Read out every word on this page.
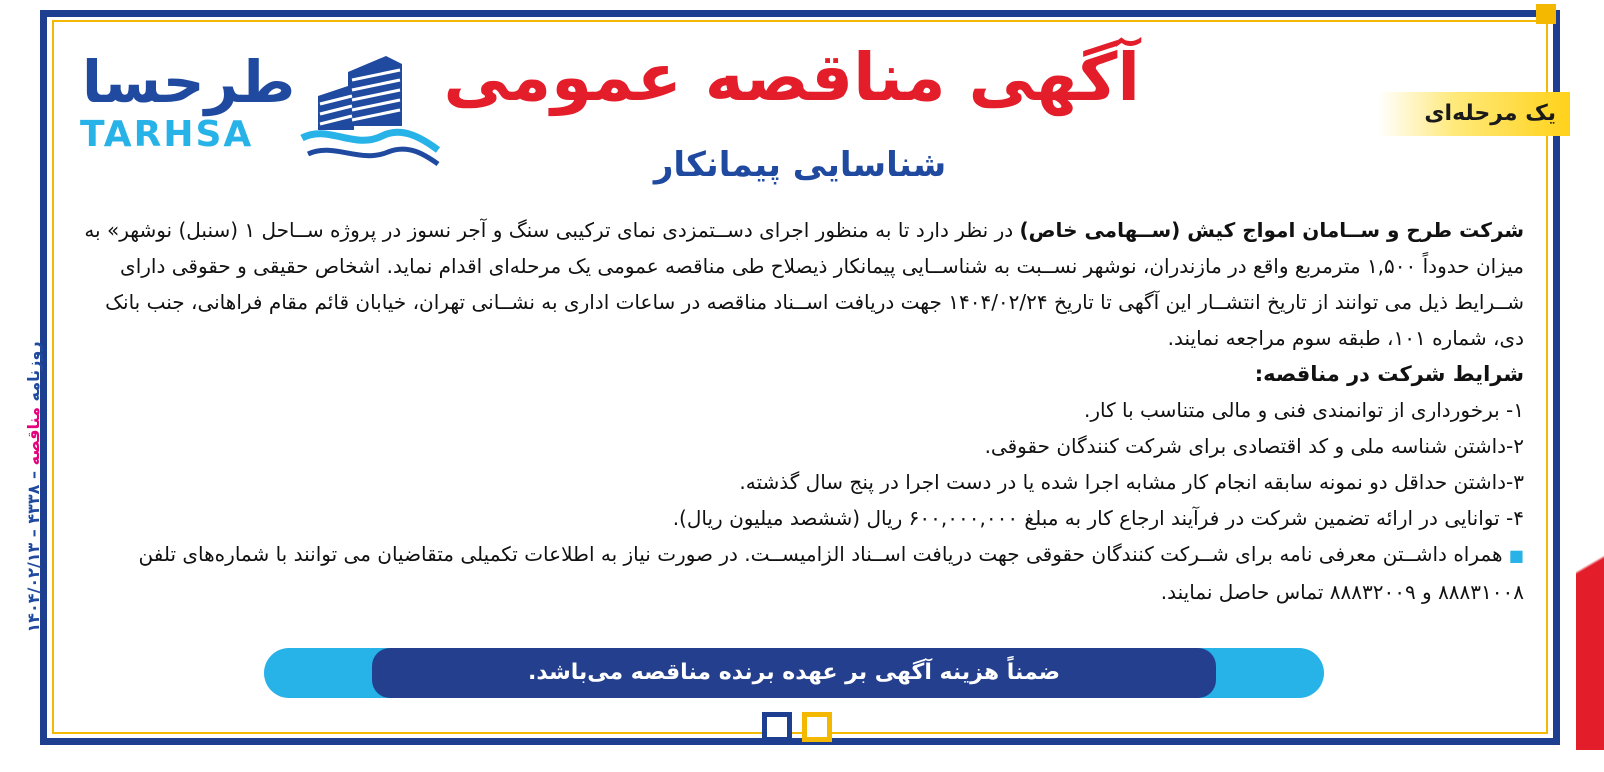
یک مرحله‌ای
طرحسا
TARHSA
آگهی مناقصه عمومی
شناسایی پیمانکار

شرکت طرح و ســامان امواج کیش (ســهامی خاص) در نظر دارد تا به منظور اجرای دســتمزدی نمای ترکیبی سنگ و آجر نسوز در پروژه ســاحل ۱ (سنبل) نوشهر» به میزان حدوداً ۱,۵۰۰ مترمربع واقع در مازندران، نوشهر نســبت به شناســایی پیمانکار ذیصلاح طی مناقصه عمومی یک مرحله‌ای اقدام نماید. اشخاص حقیقی و حقوقی دارای شــرایط ذیل می توانند از تاریخ انتشــار این آگهی تا تاریخ ۱۴۰۴/۰۲/۲۴ جهت دریافت اســناد مناقصه در ساعات اداری به نشــانی تهران، خیابان قائم مقام فراهانی، جنب بانک دی، شماره ۱۰۱، طبقه سوم مراجعه نمایند.

شرایط شرکت در مناقصه:

۱- برخورداری از توانمندی فنی و مالی متناسب با کار.

۲-داشتن شناسه ملی و کد اقتصادی برای شرکت کنندگان حقوقی.

۳-داشتن حداقل دو نمونه سابقه انجام کار مشابه اجرا شده یا در دست اجرا در پنج سال گذشته.

۴- توانایی در ارائه تضمین شرکت در فرآیند ارجاع کار به مبلغ ۶۰۰,۰۰۰,۰۰۰ ریال (ششصد میلیون ریال).

■ همراه داشــتن معرفی نامه برای شــرکت کنندگان حقوقی جهت دریافت اســناد الزامیســت. در صورت نیاز به اطلاعات تکمیلی متقاضیان می توانند با شماره‌های تلفن ۸۸۸۳۱۰۰۸ و ۸۸۸۳۲۰۰۹ تماس حاصل نمایند.

ضمناً هزینه آگهی بر عهده برنده مناقصه می‌باشد.
روزنامه مناقصه – ۴۳۳۸ – ۱۴۰۴/۰۲/۱۳
